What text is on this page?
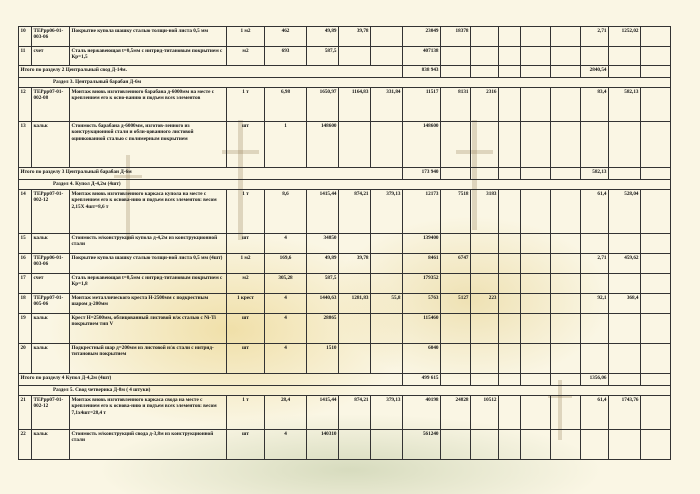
10	ТЕРрр06-01-003-06	Покрытие купола шашку сталью толщи-ной листа 0,5 мм	1 м2	462	49,89	39,78		23049	18378					2,71	1252,02	
11	счет	Сталь нержавеющая t=0,5мм с нитрид-титановым покрытием с Кр=1,5	м2	693	587,5			407138								
Итого по разделу 2 Центральный свод Д-14м.								838 943						2840,54		
Раздел 3. Центральный барабан Д-6м																
12	ТЕРрр07-01-002-08	Монтаж вновь изготовленного барабана д-6000мм на месте с креплением его к осно-ванию и подъем всех элементов	1 т	6,98	1650,97	1164,83	331,84	11517	8131	2316				83,4	582,13	
13	кальк	Стоимость барабана д-6000мм, изготов-ленного из конструкционной стали и обли-цованного листовой оцинкованной сталью с полимерным покрытием	шт	1	148600			148600								
Итого по разделу 3 Центральный барабан Д-6м								173 940						582,13		
Раздел 4. Купол Д-4,2м (4шт)																
14	ТЕРрр07-01-002-12	Монтаж вновь изготовленного каркаса купола на месте с креплением его к основа-нию и подъем всех элементов: весом 2,15Х 4шт=8,6 т	1 т	8,6	1415,44	874,21	379,13	12173	7518	3183				61,4	528,04	
15	кальк	Стоимость м/конструкций купола д-4,2м из конструкционной стали	шт	4	34850			139400								
16	ТЕРрр06-01-003-06	Покрытие купола шашку сталью толщи-ной листа 0,5 мм (4шт)	1 м2	169,6	49,89	39,78		8461	6747					2,71	459,62	
17	счет	Сталь нержавеющая t=0,5мм с нитрид-титановым покрытием с Кр=1,8	м2	305,28	587,5			179352								
18	ТЕРрр07-01-005-06	Монтаж металлического креста Н-2500мм с подкрестным шаром д-200мм	1 крест	4	1440,63	1281,83	55,8	5763	5127	223				92,1	368,4	
19	кальк	Крест Н=2500мм, облицованный листовой н/ж сталью с Ni-Ti покрытием тип V	шт	4	28865			115460								
20	кальк	Подкрестный шар д=200мм из листовой н/ж стали с нитрид-титановым покрытием	шт	4	1510			6040								
Итого по разделу 4 Купол Д-4,2м (4шт)								499 615						1356,06		
Раздел 5. Свод четверика Д-8м ( 4 штуки)																
21	ТЕРрр07-01-002-12	Монтаж вновь изготовленного каркаса свода на месте с креплением его к основа-нию и подъем всех элементов: весом 7,1х4шт=28,4 т	1 т	28,4	1415,44	874,21	379,13	40198	24828	10512				61,4	1743,76	
22	кальк	Стоимость м/конструкций свода д-3,8м из конструкционной стали	шт	4	140310			561240								
